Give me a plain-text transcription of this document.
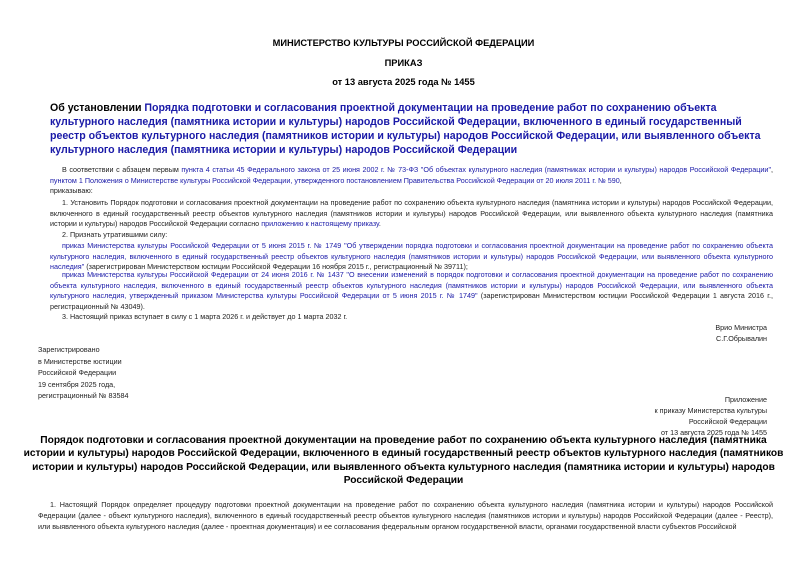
МИНИСТЕРСТВО КУЛЬТУРЫ РОССИЙСКОЙ ФЕДЕРАЦИИ
ПРИКАЗ
от 13 августа 2025 года № 1455
Об установлении Порядка подготовки и согласования проектной документации на проведение работ по сохранению объекта культурного наследия (памятника истории и культуры) народов Российской Федерации, включенного в единый государственный реестр объектов культурного наследия (памятников истории и культуры) народов Российской Федерации, или выявленного объекта культурного наследия (памятника истории и культуры) народов Российской Федерации

В соответствии с абзацем первым пункта 4 статьи 45 Федерального закона от 25 июня 2002 г. № 73-ФЗ "Об объектах культурного наследия (памятниках истории и культуры) народов Российской Федерации", пунктом 1 Положения о Министерстве культуры Российской Федерации, утвержденного постановлением Правительства Российской Федерации от 20 июля 2011 г. № 590,

приказываю:

1. Установить Порядок подготовки и согласования проектной документации на проведение работ по сохранению объекта культурного наследия (памятника истории и культуры) народов Российской Федерации, включенного в единый государственный реестр объектов культурного наследия (памятников истории и культуры) народов Российской Федерации, или выявленного объекта культурного наследия (памятника истории и культуры) народов Российской Федерации согласно приложению к настоящему приказу.

2. Признать утратившими силу:

приказ Министерства культуры Российской Федерации от 5 июня 2015 г. № 1749 "Об утверждении порядка подготовки и согласования проектной документации на проведение работ по сохранению объекта культурного наследия, включенного в единый государственный реестр объектов культурного наследия (памятников истории и культуры) народов Российской Федерации, или выявленного объекта культурного наследия" (зарегистрирован Министерством юстиции Российской Федерации 16 ноября 2015 г., регистрационный № 39711);

приказ Министерства культуры Российской Федерации от 24 июня 2016 г. № 1437 "О внесении изменений в порядок подготовки и согласования проектной документации на проведение работ по сохранению объекта культурного наследия, включенного в единый государственный реестр объектов культурного наследия (памятников истории и культуры) народов Российской Федерации, или выявленного объекта культурного наследия, утвержденный приказом Министерства культуры Российской Федерации от 5 июня 2015 г. № 1749" (зарегистрирован Министерством юстиции Российской Федерации 1 августа 2016 г., регистрационный № 43049).

3. Настоящий приказ вступает в силу с 1 марта 2026 г. и действует до 1 марта 2032 г.

Врио Министра
С.Г.Обрывалин
Зарегистрировано
в Министерстве юстиции
Российской Федерации
19 сентября 2025 года,
регистрационный № 83584	Приложение
к приказу Министерства культуры
Российской Федерации
от 13 августа 2025 года № 1455
Порядок подготовки и согласования проектной документации на проведение работ по сохранению объекта культурного наследия (памятника истории и культуры) народов Российской Федерации, включенного в единый государственный реестр объектов культурного наследия (памятников истории и культуры) народов Российской Федерации, или выявленного объекта культурного наследия (памятника истории и культуры) народов Российской Федерации

1. Настоящий Порядок определяет процедуру подготовки проектной документации на проведение работ по сохранению объекта культурного наследия (памятника истории и культуры) народов Российской Федерации (далее - объект культурного наследия), включенного в единый государственный реестр объектов культурного наследия (памятников истории и культуры) народов Российской Федерации (далее - Реестр), или выявленного объекта культурного наследия (далее - проектная документация) и ее согласования федеральным органом государственной власти, органами государственной власти субъектов Российской
